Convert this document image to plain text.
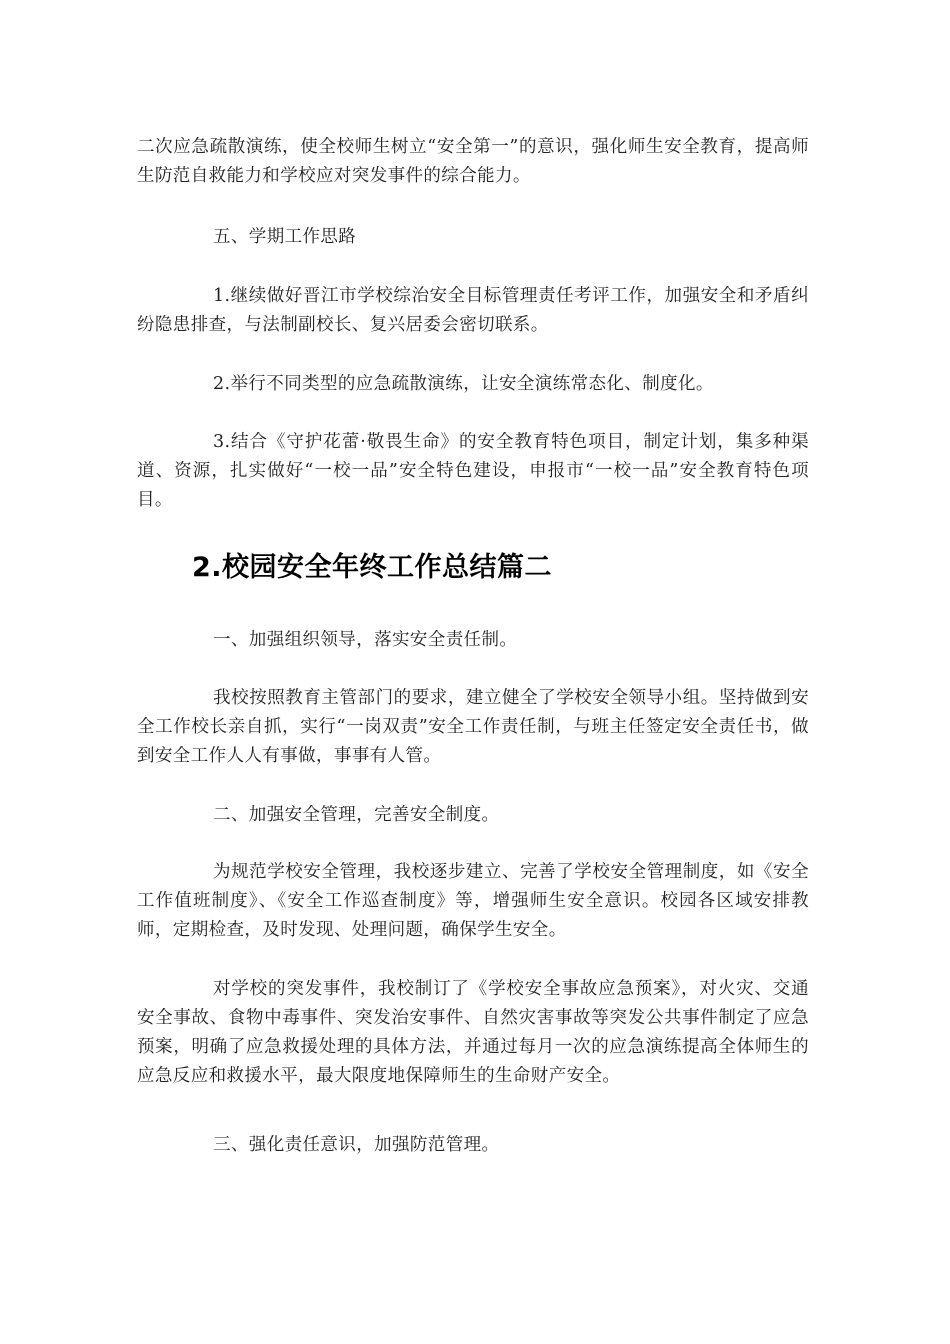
二次应急疏散演练，使全校师生树立“安全第一”的意识，强化师生安全教育，提高师生防范自救能力和学校应对突发事件的综合能力。

五、学期工作思路

1.继续做好晋江市学校综治安全目标管理责任考评工作，加强安全和矛盾纠纷隐患排查，与法制副校长、复兴居委会密切联系。

2.举行不同类型的应急疏散演练，让安全演练常态化、制度化。

3.结合《守护花蕾·敬畏生命》的安全教育特色项目，制定计划，集多种渠道、资源，扎实做好“一校一品”安全特色建设，申报市“一校一品”安全教育特色项目。

2.校园安全年终工作总结篇二

一、加强组织领导，落实安全责任制。

我校按照教育主管部门的要求，建立健全了学校安全领导小组。坚持做到安全工作校长亲自抓，实行“一岗双责”安全工作责任制，与班主任签定安全责任书，做到安全工作人人有事做，事事有人管。

二、加强安全管理，完善安全制度。

为规范学校安全管理，我校逐步建立、完善了学校安全管理制度，如《安全工作值班制度》、《安全工作巡查制度》等，增强师生安全意识。校园各区域安排教师，定期检查，及时发现、处理问题，确保学生安全。

对学校的突发事件，我校制订了《学校安全事故应急预案》，对火灾、交通安全事故、食物中毒事件、突发治安事件、自然灾害事故等突发公共事件制定了应急预案，明确了应急救援处理的具体方法，并通过每月一次的应急演练提高全体师生的应急反应和救援水平，最大限度地保障师生的生命财产安全。

三、强化责任意识，加强防范管理。
